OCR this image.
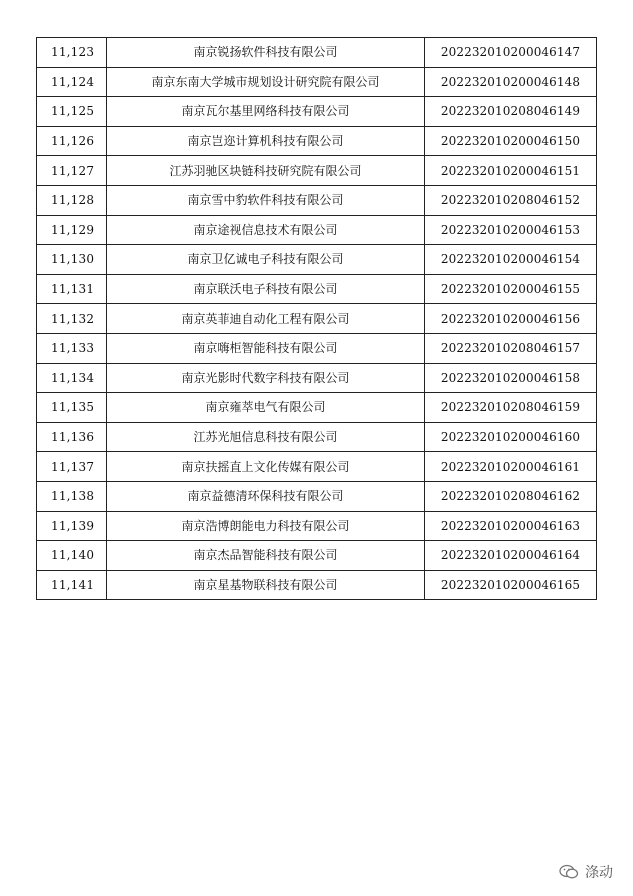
11,123	南京锐扬软件科技有限公司	202232010200046147
11,124	南京东南大学城市规划设计研究院有限公司	202232010200046148
11,125	南京瓦尔基里网络科技有限公司	202232010208046149
11,126	南京岂迩计算机科技有限公司	202232010200046150
11,127	江苏羽驰区块链科技研究院有限公司	202232010200046151
11,128	南京雪中豹软件科技有限公司	202232010208046152
11,129	南京途视信息技术有限公司	202232010200046153
11,130	南京卫亿诚电子科技有限公司	202232010200046154
11,131	南京联沃电子科技有限公司	202232010200046155
11,132	南京英菲迪自动化工程有限公司	202232010200046156
11,133	南京嗨柜智能科技有限公司	202232010208046157
11,134	南京光影时代数字科技有限公司	202232010200046158
11,135	南京雍萃电气有限公司	202232010208046159
11,136	江苏光旭信息科技有限公司	202232010200046160
11,137	南京扶摇直上文化传媒有限公司	202232010200046161
11,138	南京益德清环保科技有限公司	202232010208046162
11,139	南京浩博朗能电力科技有限公司	202232010200046163
11,140	南京杰品智能科技有限公司	202232010200046164
11,141	南京星基物联科技有限公司	202232010200046165
涤动
